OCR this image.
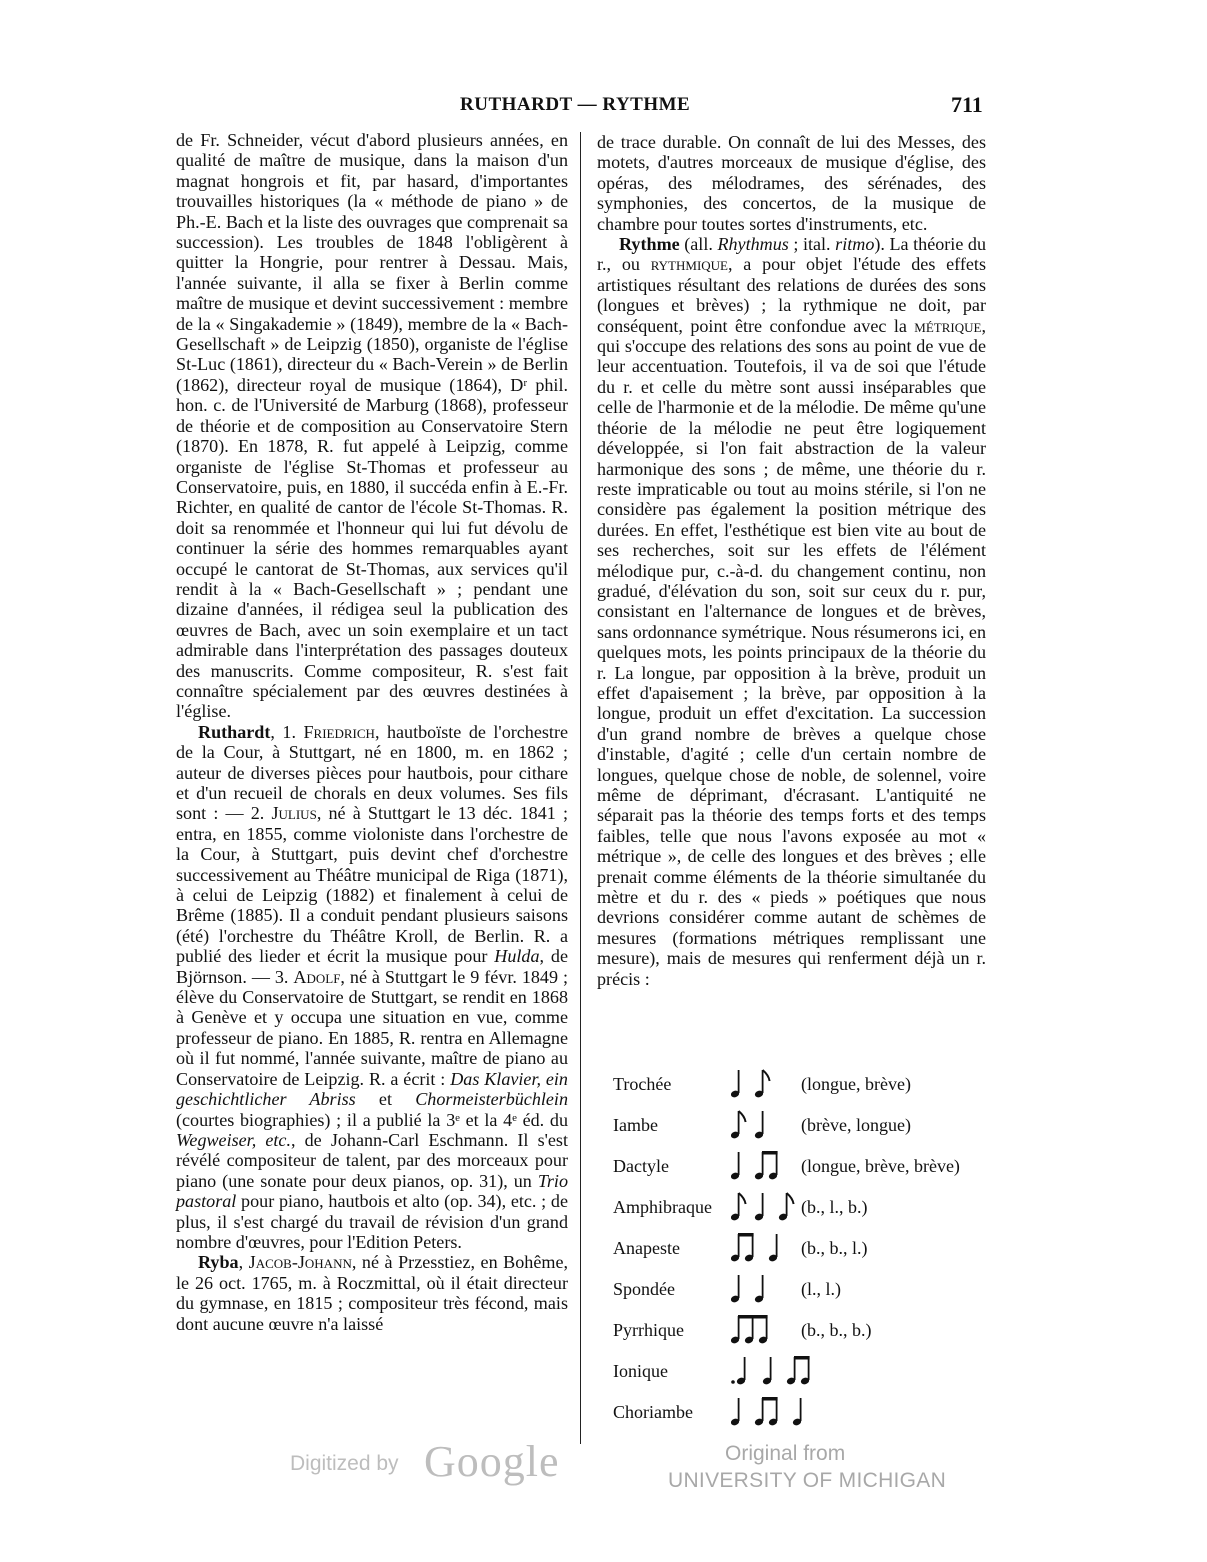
RUTHARDT — RYTHME	711

de Fr. Schneider, vécut d'abord plusieurs années, en qualité de maître de musique, dans la maison d'un magnat hongrois et fit, par hasard, d'importantes trouvailles historiques (la « méthode de piano » de Ph.-E. Bach et la liste des ouvrages que comprenait sa succession). Les troubles de 1848 l'obligèrent à quitter la Hongrie, pour rentrer à Dessau. Mais, l'année suivante, il alla se fixer à Berlin comme maître de musique et devint successivement : membre de la « Singakademie » (1849), membre de la « Bach-Gesellschaft » de Leipzig (1850), organiste de l'église St-Luc (1861), directeur du « Bach-Verein » de Berlin (1862), directeur royal de musique (1864), Dʳ phil. hon. c. de l'Université de Marburg (1868), professeur de théorie et de composition au Conservatoire Stern (1870). En 1878, R. fut appelé à Leipzig, comme organiste de l'église St-Thomas et professeur au Conservatoire, puis, en 1880, il succéda enfin à E.-Fr. Richter, en qualité de cantor de l'école St-Thomas. R. doit sa renommée et l'honneur qui lui fut dévolu de continuer la série des hommes remarquables ayant occupé le cantorat de St-Thomas, aux services qu'il rendit à la « Bach-Gesellschaft » ; pendant une dizaine d'années, il rédigea seul la publication des œuvres de Bach, avec un soin exemplaire et un tact admirable dans l'interprétation des passages douteux des manuscrits. Comme compositeur, R. s'est fait connaître spécialement par des œuvres destinées à l'église.

Ruthardt, 1. Friedrich, hautboïste de l'orchestre de la Cour, à Stuttgart, né en 1800, m. en 1862 ; auteur de diverses pièces pour hautbois, pour cithare et d'un recueil de chorals en deux volumes. Ses fils sont : — 2. Julius, né à Stuttgart le 13 déc. 1841 ; entra, en 1855, comme violoniste dans l'orchestre de la Cour, à Stuttgart, puis devint chef d'orchestre successivement au Théâtre municipal de Riga (1871), à celui de Leipzig (1882) et finalement à celui de Brême (1885). Il a conduit pendant plusieurs saisons (été) l'orchestre du Théâtre Kroll, de Berlin. R. a publié des lieder et écrit la musique pour Hulda, de Björnson. — 3. Adolf, né à Stuttgart le 9 févr. 1849 ; élève du Conservatoire de Stuttgart, se rendit en 1868 à Genève et y occupa une situation en vue, comme professeur de piano. En 1885, R. rentra en Allemagne où il fut nommé, l'année suivante, maître de piano au Conservatoire de Leipzig. R. a écrit : Das Klavier, ein geschichtlicher Abriss et Chormeisterbüchlein (courtes biographies) ; il a publié la 3ᵉ et la 4ᵉ éd. du Wegweiser, etc., de Johann-Carl Eschmann. Il s'est révélé compositeur de talent, par des morceaux pour piano (une sonate pour deux pianos, op. 31), un Trio pastoral pour piano, hautbois et alto (op. 34), etc. ; de plus, il s'est chargé du travail de révision d'un grand nombre d'œuvres, pour l'Edition Peters.

Ryba, Jacob-Johann, né à Przesstiez, en Bohême, le 26 oct. 1765, m. à Roczmittal, où il était directeur du gymnase, en 1815 ; compositeur très fécond, mais dont aucune œuvre n'a laissé

de trace durable. On connaît de lui des Messes, des motets, d'autres morceaux de musique d'église, des opéras, des mélodrames, des sérénades, des symphonies, des concertos, de la musique de chambre pour toutes sortes d'instruments, etc.

Rythme (all. Rhythmus ; ital. ritmo). La théorie du r., ou rythmique, a pour objet l'étude des effets artistiques résultant des relations de durées des sons (longues et brèves) ; la rythmique ne doit, par conséquent, point être confondue avec la métrique, qui s'occupe des relations des sons au point de vue de leur accentuation. Toutefois, il va de soi que l'étude du r. et celle du mètre sont aussi inséparables que celle de l'harmonie et de la mélodie. De même qu'une théorie de la mélodie ne peut être logiquement développée, si l'on fait abstraction de la valeur harmonique des sons ; de même, une théorie du r. reste impraticable ou tout au moins stérile, si l'on ne considère pas également la position métrique des durées. En effet, l'esthétique est bien vite au bout de ses recherches, soit sur les effets de l'élément mélodique pur, c.-à-d. du changement continu, non gradué, d'élévation du son, soit sur ceux du r. pur, consistant en l'alternance de longues et de brèves, sans ordonnance symétrique. Nous résumerons ici, en quelques mots, les points principaux de la théorie du r. La longue, par opposition à la brève, produit un effet d'apaisement ; la brève, par opposition à la longue, produit un effet d'excitation. La succession d'un grand nombre de brèves a quelque chose d'instable, d'agité ; celle d'un certain nombre de longues, quelque chose de noble, de solennel, voire même de déprimant, d'écrasant. L'antiquité ne séparait pas la théorie des temps forts et des temps faibles, telle que nous l'avons exposée au mot « métrique », de celle des longues et des brèves ; elle prenait comme éléments de la théorie simultanée du mètre et du r. des « pieds » poétiques que nous devrions considérer comme autant de schèmes de mesures (formations métriques remplissant une mesure), mais de mesures qui renferment déjà un r. précis :

Trochée	(longue, brève)
Iambe	(brève, longue)
Dactyle	(longue, brève, brève)
Amphibraque	(b., l., b.)
Anapeste	(b., b., l.)
Spondée	(l., l.)
Pyrrhique	(b., b., b.)
Ionique
Choriambe
Digitized by Google	Original from
UNIVERSITY OF MICHIGAN
